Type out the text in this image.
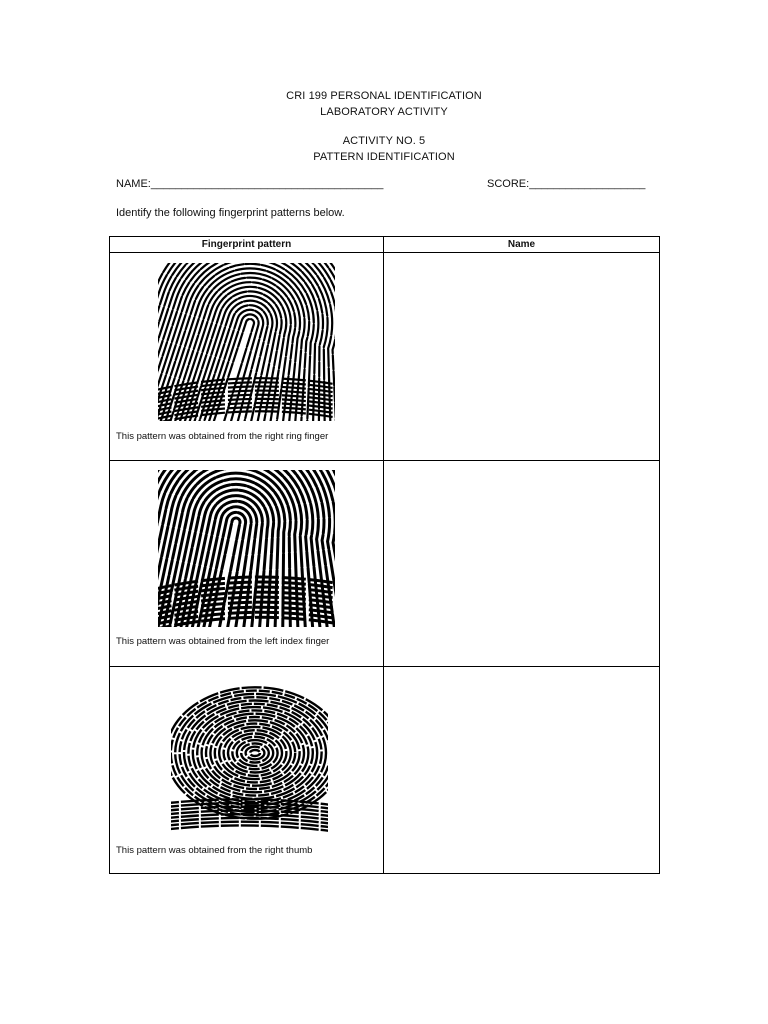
CRI 199 PERSONAL IDENTIFICATION
LABORATORY ACTIVITY
ACTIVITY NO. 5
PATTERN IDENTIFICATION
NAME:______________________________________	SCORE:___________________
Identify the following fingerprint patterns below.
Fingerprint pattern	Name

This pattern was obtained from the right ring finger	

This pattern was obtained from the left index finger	

This pattern was obtained from the right thumb	
